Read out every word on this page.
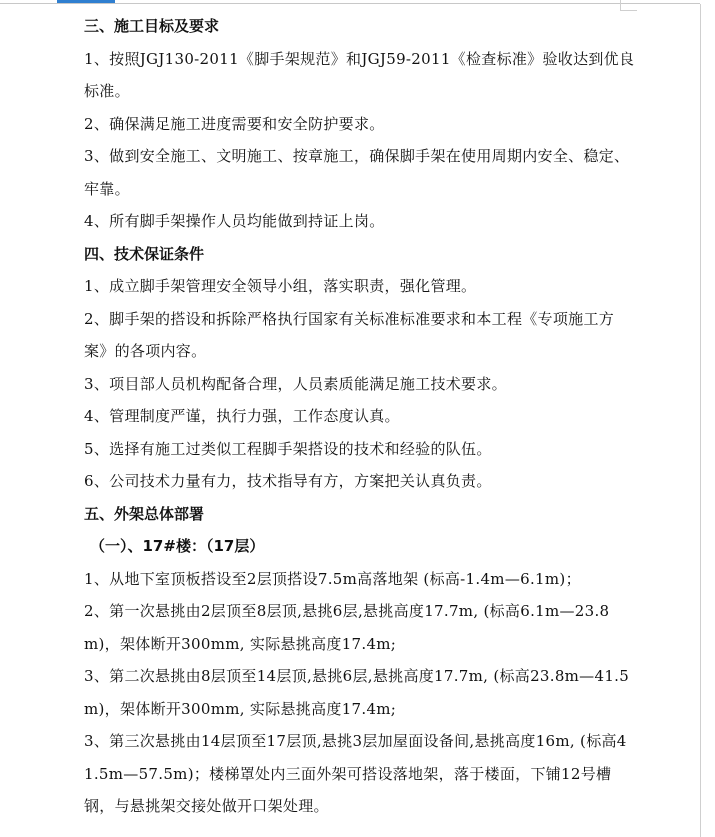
三、施工目标及要求

1、按照JGJ130-2011《脚手架规范》和JGJ59-2011《检查标准》验收达到优良标准。

2、确保满足施工进度需要和安全防护要求。

3、做到安全施工、文明施工、按章施工，确保脚手架在使用周期内安全、稳定、牢靠。

4、所有脚手架操作人员均能做到持证上岗。

四、技术保证条件

1、成立脚手架管理安全领导小组，落实职责，强化管理。

2、脚手架的搭设和拆除严格执行国家有关标准标准要求和本工程《专项施工方案》的各项内容。

3、项目部人员机构配备合理，人员素质能满足施工技术要求。

4、管理制度严谨，执行力强，工作态度认真。

5、选择有施工过类似工程脚手架搭设的技术和经验的队伍。

6、公司技术力量有力，技术指导有方，方案把关认真负责。

五、外架总体部署

（一）、17#楼：（17层）

1、从地下室顶板搭设至2层顶搭设7.5m高落地架 (标高-1.4m—6.1m)；

2、第一次悬挑由2层顶至8层顶,悬挑6层,悬挑高度17.7m, (标高6.1m—23.8m)，架体断开300mm, 实际悬挑高度17.4m;

3、第二次悬挑由8层顶至14层顶,悬挑6层,悬挑高度17.7m, (标高23.8m—41.5m)，架体断开300mm, 实际悬挑高度17.4m;

3、第三次悬挑由14层顶至17层顶,悬挑3层加屋面设备间,悬挑高度16m, (标高41.5m—57.5m)；楼梯罩处内三面外架可搭设落地架，落于楼面，下铺12号槽钢，与悬挑架交接处做开口架处理。
